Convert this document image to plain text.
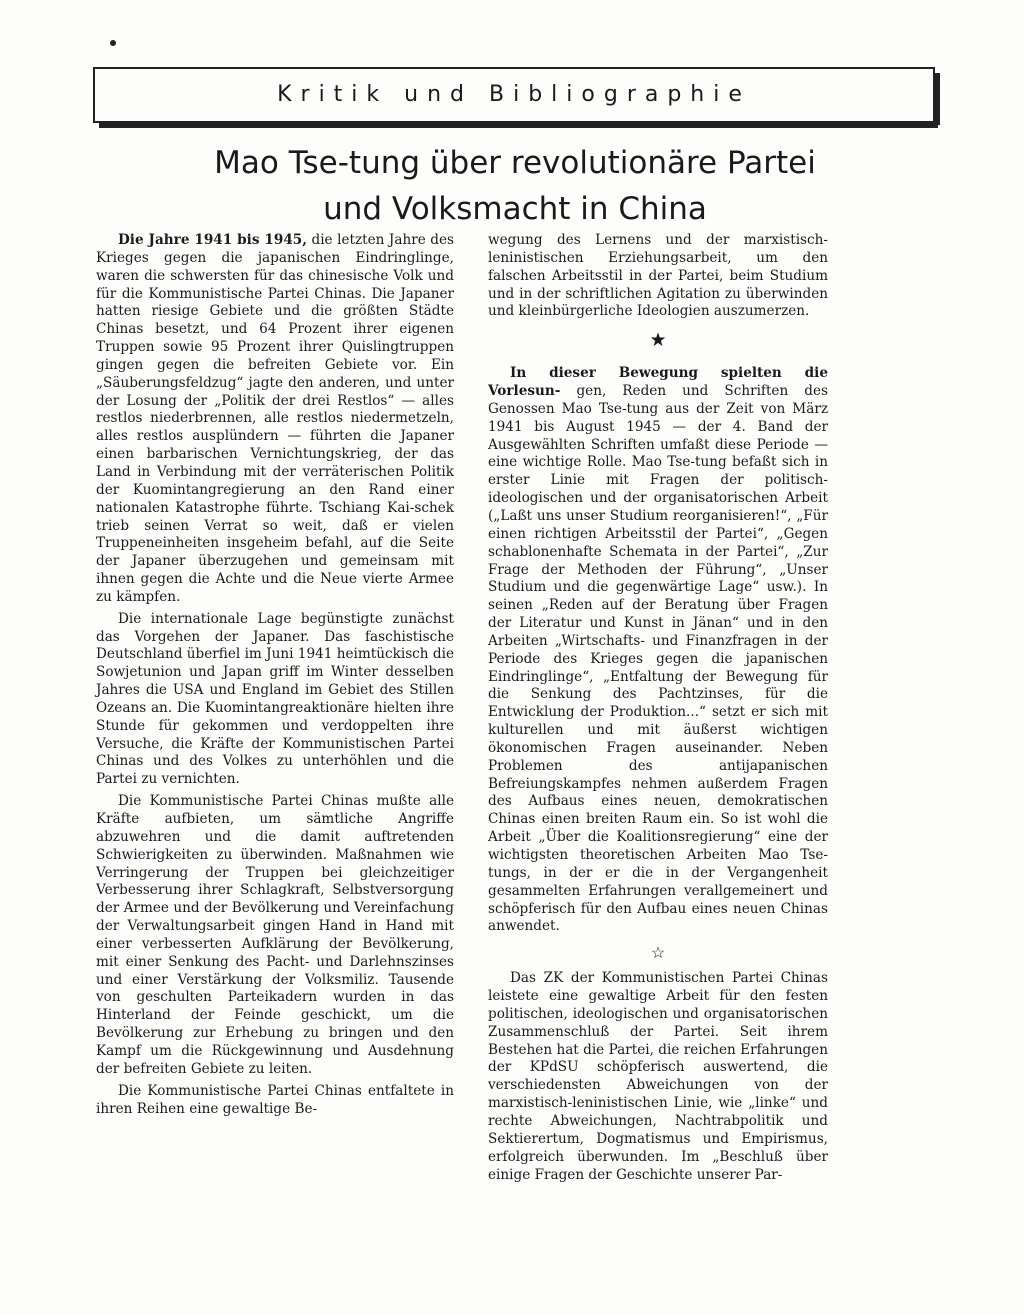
Kritik und Bibliographie
Mao Tse-tung über revolutionäre Partei
und Volksmacht in China

Die Jahre 1941 bis 1945, die letzten Jahre des Krieges gegen die japanischen Eindringlinge, waren die schwersten für das chinesische Volk und für die Kommunistische Partei Chinas. Die Japaner hatten riesige Gebiete und die größten Städte Chinas besetzt, und 64 Prozent ihrer eigenen Truppen sowie 95 Prozent ihrer Quislingtruppen gingen gegen die befreiten Gebiete vor. Ein „Säuberungsfeldzug“ jagte den anderen, und unter der Losung der „Politik der drei Restlos“ — alles restlos niederbrennen, alle restlos niedermetzeln, alles restlos ausplündern — führten die Japaner einen barbarischen Vernichtungskrieg, der das Land in Verbindung mit der verräterischen Politik der Kuomintangregierung an den Rand einer nationalen Katastrophe führte. Tschiang Kai-schek trieb seinen Verrat so weit, daß er vielen Truppeneinheiten insgeheim befahl, auf die Seite der Japaner überzugehen und gemeinsam mit ihnen gegen die Achte und die Neue vierte Armee zu kämpfen.

Die internationale Lage begünstigte zunächst das Vorgehen der Japaner. Das faschistische Deutschland überfiel im Juni 1941 heimtückisch die Sowjetunion und Japan griff im Winter desselben Jahres die USA und England im Gebiet des Stillen Ozeans an. Die Kuomintangreaktionäre hielten ihre Stunde für gekommen und verdoppelten ihre Versuche, die Kräfte der Kommunistischen Partei Chinas und des Volkes zu unterhöhlen und die Partei zu vernichten.

Die Kommunistische Partei Chinas mußte alle Kräfte aufbieten, um sämtliche Angriffe abzuwehren und die damit auftretenden Schwierigkeiten zu überwinden. Maßnahmen wie Verringerung der Truppen bei gleichzeitiger Verbesserung ihrer Schlagkraft, Selbstversorgung der Armee und der Bevölkerung und Vereinfachung der Verwaltungsarbeit gingen Hand in Hand mit einer verbesserten Aufklärung der Bevölkerung, mit einer Senkung des Pacht- und Darlehnszinses und einer Verstärkung der Volksmiliz. Tausende von geschulten Parteikadern wurden in das Hinterland der Feinde geschickt, um die Bevölkerung zur Erhebung zu bringen und den Kampf um die Rückgewinnung und Ausdehnung der befreiten Gebiete zu leiten.

Die Kommunistische Partei Chinas entfaltete in ihren Reihen eine gewaltige Be-

wegung des Lernens und der marxistisch-leninistischen Erziehungsarbeit, um den falschen Arbeitsstil in der Partei, beim Studium und in der schriftlichen Agitation zu überwinden und kleinbürgerliche Ideologien auszumerzen.

★

In dieser Bewegung spielten die Vorlesun- gen, Reden und Schriften des Genossen Mao Tse-tung aus der Zeit von März 1941 bis August 1945 — der 4. Band der Ausgewählten Schriften umfaßt diese Periode — eine wichtige Rolle. Mao Tse-tung befaßt sich in erster Linie mit Fragen der politisch-ideologischen und der organisatorischen Arbeit („Laßt uns unser Studium reorganisieren!“, „Für einen richtigen Arbeitsstil der Partei“, „Gegen schablonenhafte Schemata in der Partei“, „Zur Frage der Methoden der Führung“, „Unser Studium und die gegenwärtige Lage“ usw.). In seinen „Reden auf der Beratung über Fragen der Literatur und Kunst in Jänan“ und in den Arbeiten „Wirtschafts- und Finanzfragen in der Periode des Krieges gegen die japanischen Eindringlinge“, „Entfaltung der Bewegung für die Senkung des Pachtzinses, für die Entwicklung der Produktion...“ setzt er sich mit kulturellen und mit äußerst wichtigen ökonomischen Fragen auseinander. Neben Problemen des antijapanischen Befreiungskampfes nehmen außerdem Fragen des Aufbaus eines neuen, demokratischen Chinas einen breiten Raum ein. So ist wohl die Arbeit „Über die Koalitionsregierung“ eine der wichtigsten theoretischen Arbeiten Mao Tse-tungs, in der er die in der Vergangenheit gesammelten Erfahrungen verallgemeinert und schöpferisch für den Aufbau eines neuen Chinas anwendet.

☆

Das ZK der Kommunistischen Partei Chinas leistete eine gewaltige Arbeit für den festen politischen, ideologischen und organisatorischen Zusammenschluß der Partei. Seit ihrem Bestehen hat die Partei, die reichen Erfahrungen der KPdSU schöpferisch auswertend, die verschiedensten Abweichungen von der marxistisch-leninistischen Linie, wie „linke“ und rechte Abweichungen, Nachtrabpolitik und Sektierertum, Dogmatismus und Empirismus, erfolgreich überwunden. Im „Beschluß über einige Fragen der Geschichte unserer Par-
